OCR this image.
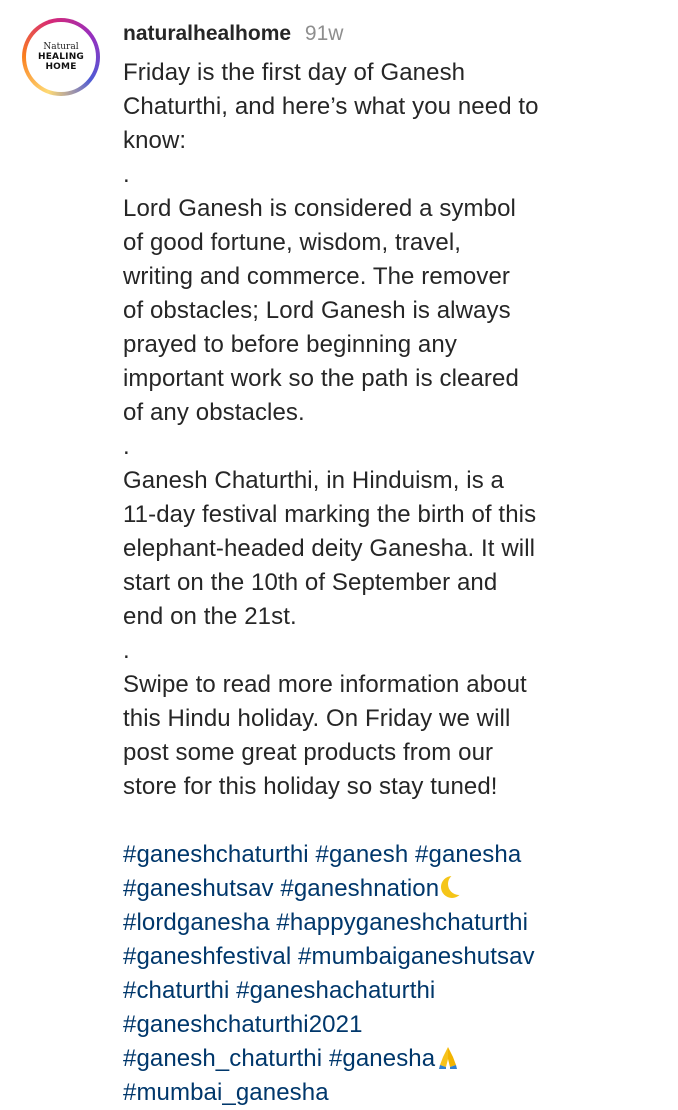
Natural
HEALING
HOME
naturalhealhome 91w
Friday is the first day of Ganesh
Chaturthi, and here’s what you need to
know:
.
Lord Ganesh is considered a symbol
of good fortune, wisdom, travel,
writing and commerce. The remover
of obstacles; Lord Ganesh is always
prayed to before beginning any
important work so the path is cleared
of any obstacles.
.
Ganesh Chaturthi, in Hinduism, is a
11-day festival marking the birth of this
elephant-headed deity Ganesha. It will
start on the 10th of September and
end on the 21st.
.
Swipe to read more information about
this Hindu holiday. On Friday we will
post some great products from our
store for this holiday so stay tuned!
#ganeshchaturthi #ganesh #ganesha
#ganeshutsav #ganeshnation
#lordganesha #happyganeshchaturthi
#ganeshfestival #mumbaiganeshutsav
#chaturthi #ganeshachaturthi
#ganeshchaturthi2021
#ganesh_chaturthi #ganesha
#mumbai_ganesha
